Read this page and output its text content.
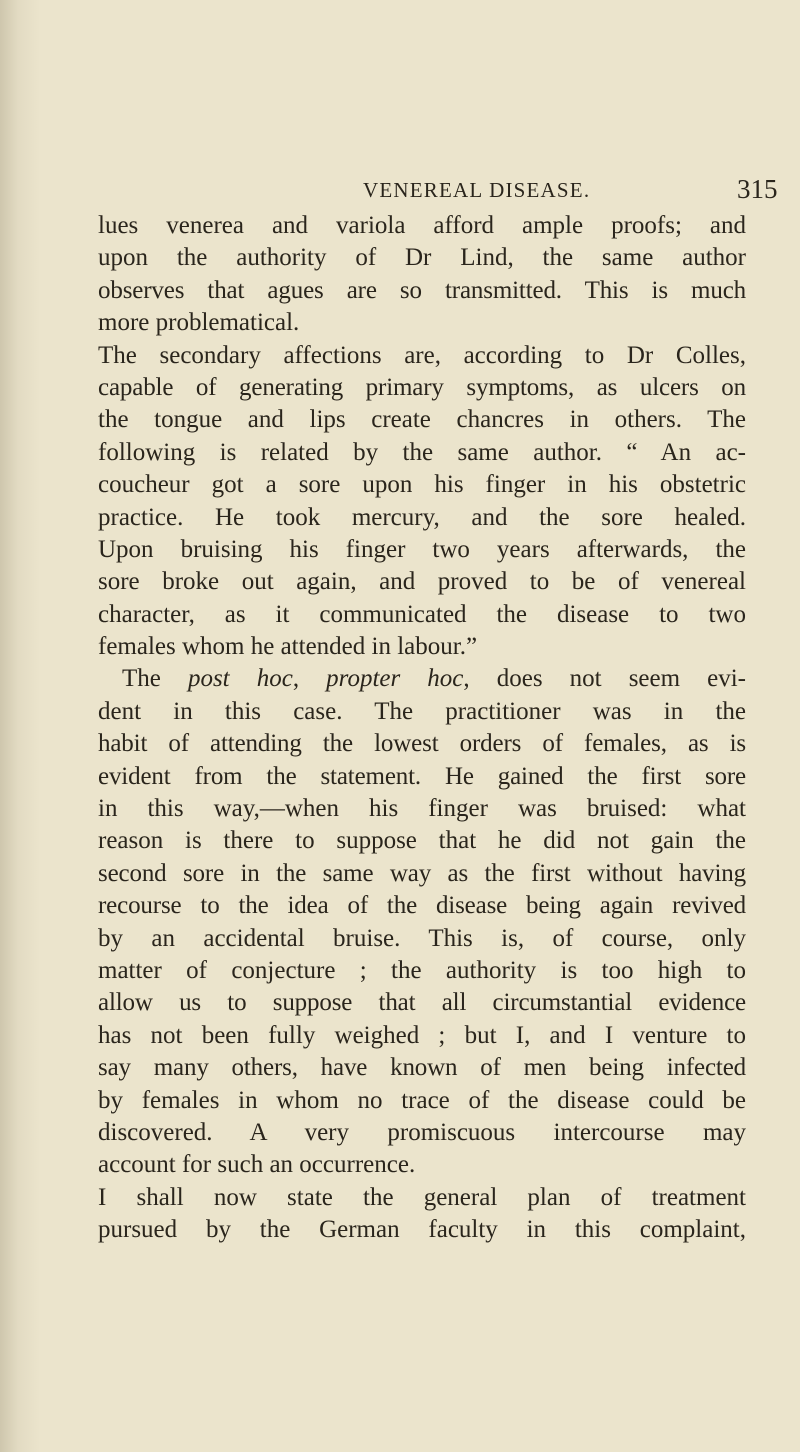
VENEREAL DISEASE.	315
lues venerea and variola afford ample proofs; and
upon the authority of Dr Lind, the same author
observes that agues are so transmitted. This is much
more problematical.
The secondary affections are, according to Dr Colles,
capable of generating primary symptoms, as ulcers on
the tongue and lips create chancres in others. The
following is related by the same author. “ An ac-
coucheur got a sore upon his finger in his obstetric
practice. He took mercury, and the sore healed.
Upon bruising his finger two years afterwards, the
sore broke out again, and proved to be of venereal
character, as it communicated the disease to two
females whom he attended in labour.”
The post hoc, propter hoc, does not seem evi-
dent in this case. The practitioner was in the
habit of attending the lowest orders of females, as is
evident from the statement. He gained the first sore
in this way,—when his finger was bruised: what
reason is there to suppose that he did not gain the
second sore in the same way as the first without having
recourse to the idea of the disease being again revived
by an accidental bruise. This is, of course, only
matter of conjecture ; the authority is too high to
allow us to suppose that all circumstantial evidence
has not been fully weighed ; but I, and I venture to
say many others, have known of men being infected
by females in whom no trace of the disease could be
discovered. A very promiscuous intercourse may
account for such an occurrence.
I shall now state the general plan of treatment
pursued by the German faculty in this complaint,
